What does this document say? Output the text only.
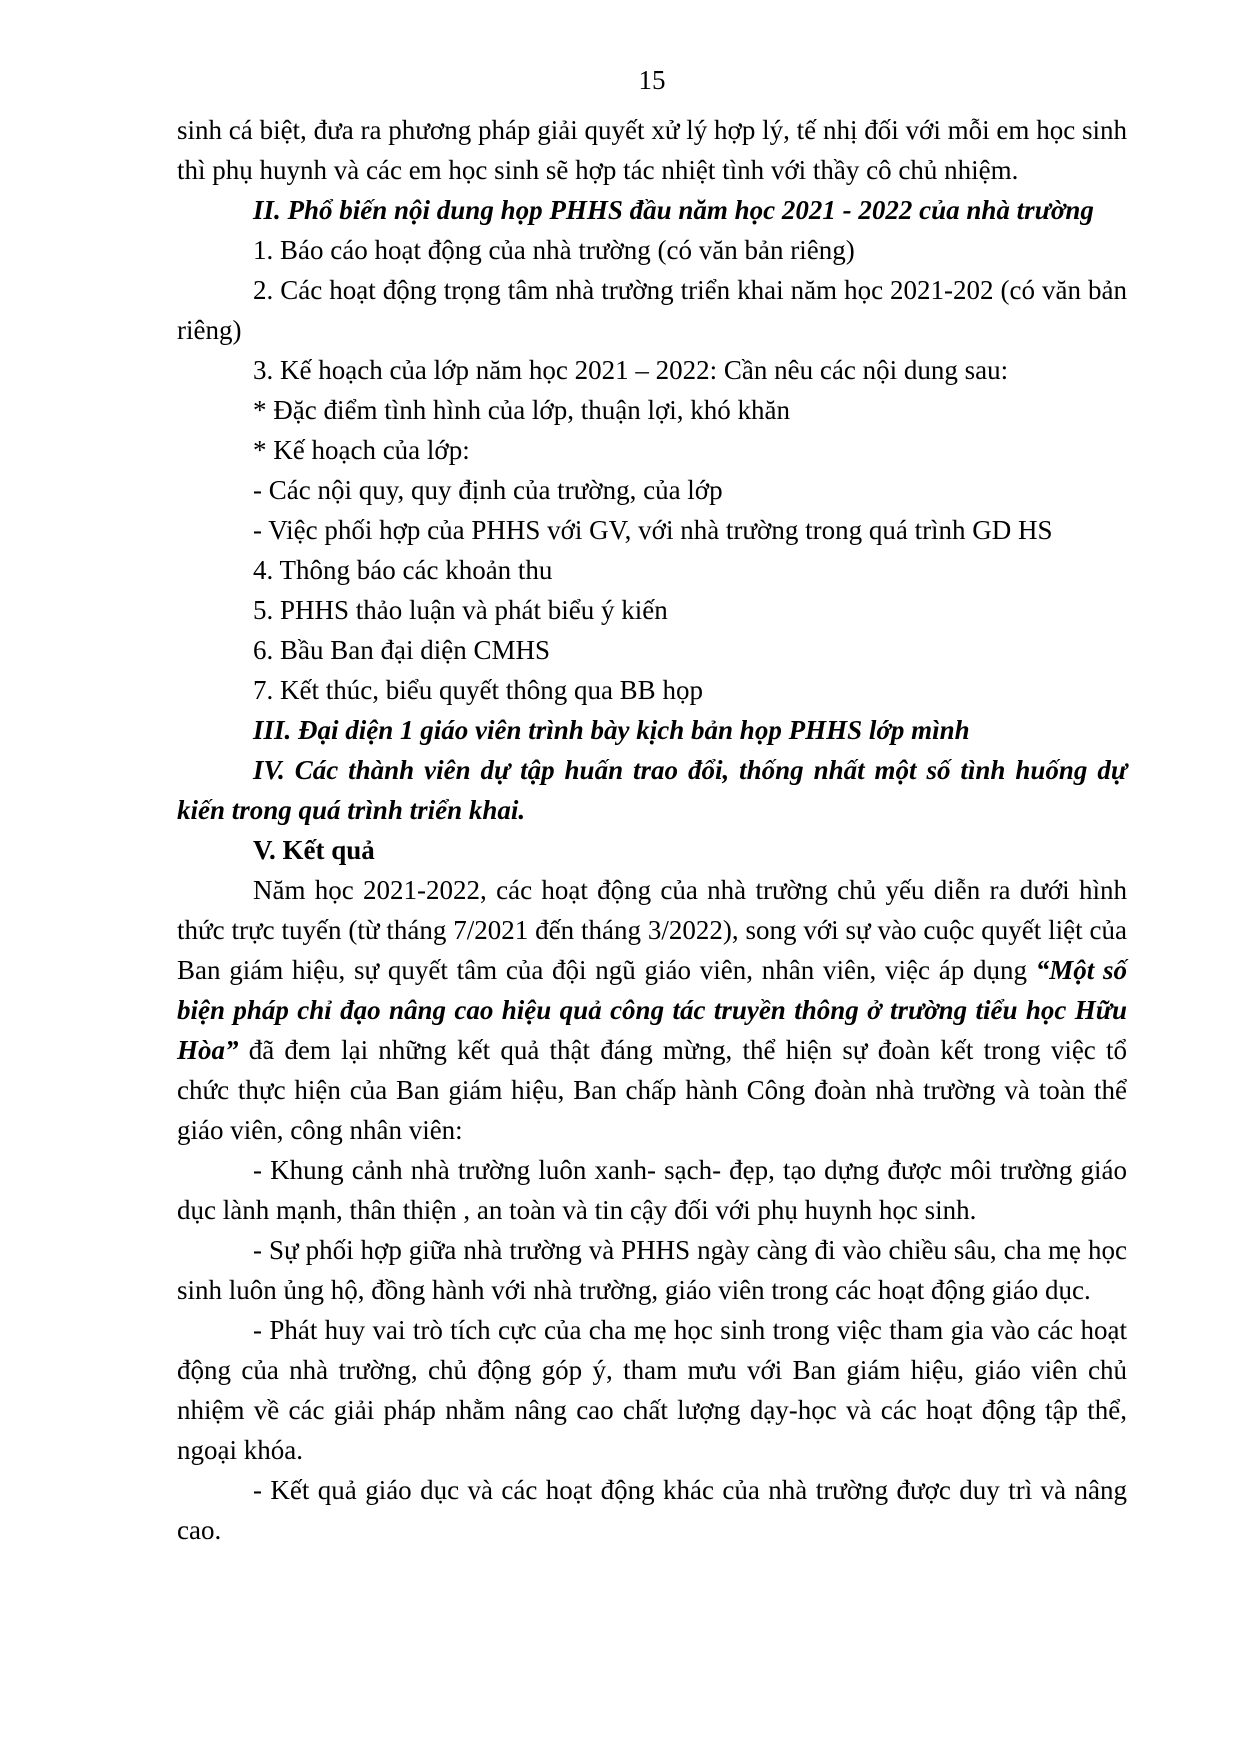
15

sinh cá biệt, đưa ra phương pháp giải quyết xử lý hợp lý, tế nhị đối với mỗi em học sinh thì phụ huynh và các em học sinh sẽ hợp tác nhiệt tình với thầy cô chủ nhiệm.

II. Phổ biến nội dung họp PHHS đầu năm học 2021 - 2022 của nhà trường

1. Báo cáo hoạt động của nhà trường (có văn bản riêng)

2. Các hoạt động trọng tâm nhà trường triển khai năm học 2021-202 (có văn bản riêng)

3. Kế hoạch của lớp năm học 2021 – 2022: Cần nêu các nội dung sau:

* Đặc điểm tình hình của lớp, thuận lợi, khó khăn

* Kế hoạch của lớp:

- Các nội quy, quy định của trường, của lớp

- Việc phối hợp của PHHS với GV, với nhà trường trong quá trình GD HS

4. Thông báo các khoản thu

5. PHHS thảo luận và phát biểu ý kiến

6. Bầu Ban đại diện CMHS

7. Kết thúc, biểu quyết thông qua BB họp

III. Đại diện 1 giáo viên trình bày kịch bản họp PHHS lớp mình

IV. Các thành viên dự tập huấn trao đổi, thống nhất một số tình huống dự kiến trong quá trình triển khai.

V. Kết quả

Năm học 2021-2022, các hoạt động của nhà trường chủ yếu diễn ra dưới hình thức trực tuyến (từ tháng 7/2021 đến tháng 3/2022), song với sự vào cuộc quyết liệt của Ban giám hiệu, sự quyết tâm của đội ngũ giáo viên, nhân viên, việc áp dụng “Một số biện pháp chỉ đạo nâng cao hiệu quả công tác truyền thông ở trường tiểu học Hữu Hòa” đã đem lại những kết quả thật đáng mừng, thể hiện sự đoàn kết trong việc tổ chức thực hiện của Ban giám hiệu, Ban chấp hành Công đoàn nhà trường và toàn thể giáo viên, công nhân viên:

- Khung cảnh nhà trường luôn xanh- sạch- đẹp, tạo dựng được môi trường giáo dục lành mạnh, thân thiện , an toàn và tin cậy đối với phụ huynh học sinh.

- Sự phối hợp giữa nhà trường và PHHS ngày càng đi vào chiều sâu, cha mẹ học sinh luôn ủng hộ, đồng hành với nhà trường, giáo viên trong các hoạt động giáo dục.

- Phát huy vai trò tích cực của cha mẹ học sinh trong việc tham gia vào các hoạt động của nhà trường, chủ động góp ý, tham mưu với Ban giám hiệu, giáo viên chủ nhiệm về các giải pháp nhằm nâng cao chất lượng dạy-học và các hoạt động tập thể, ngoại khóa.

- Kết quả giáo dục và các hoạt động khác của nhà trường được duy trì và nâng cao.
